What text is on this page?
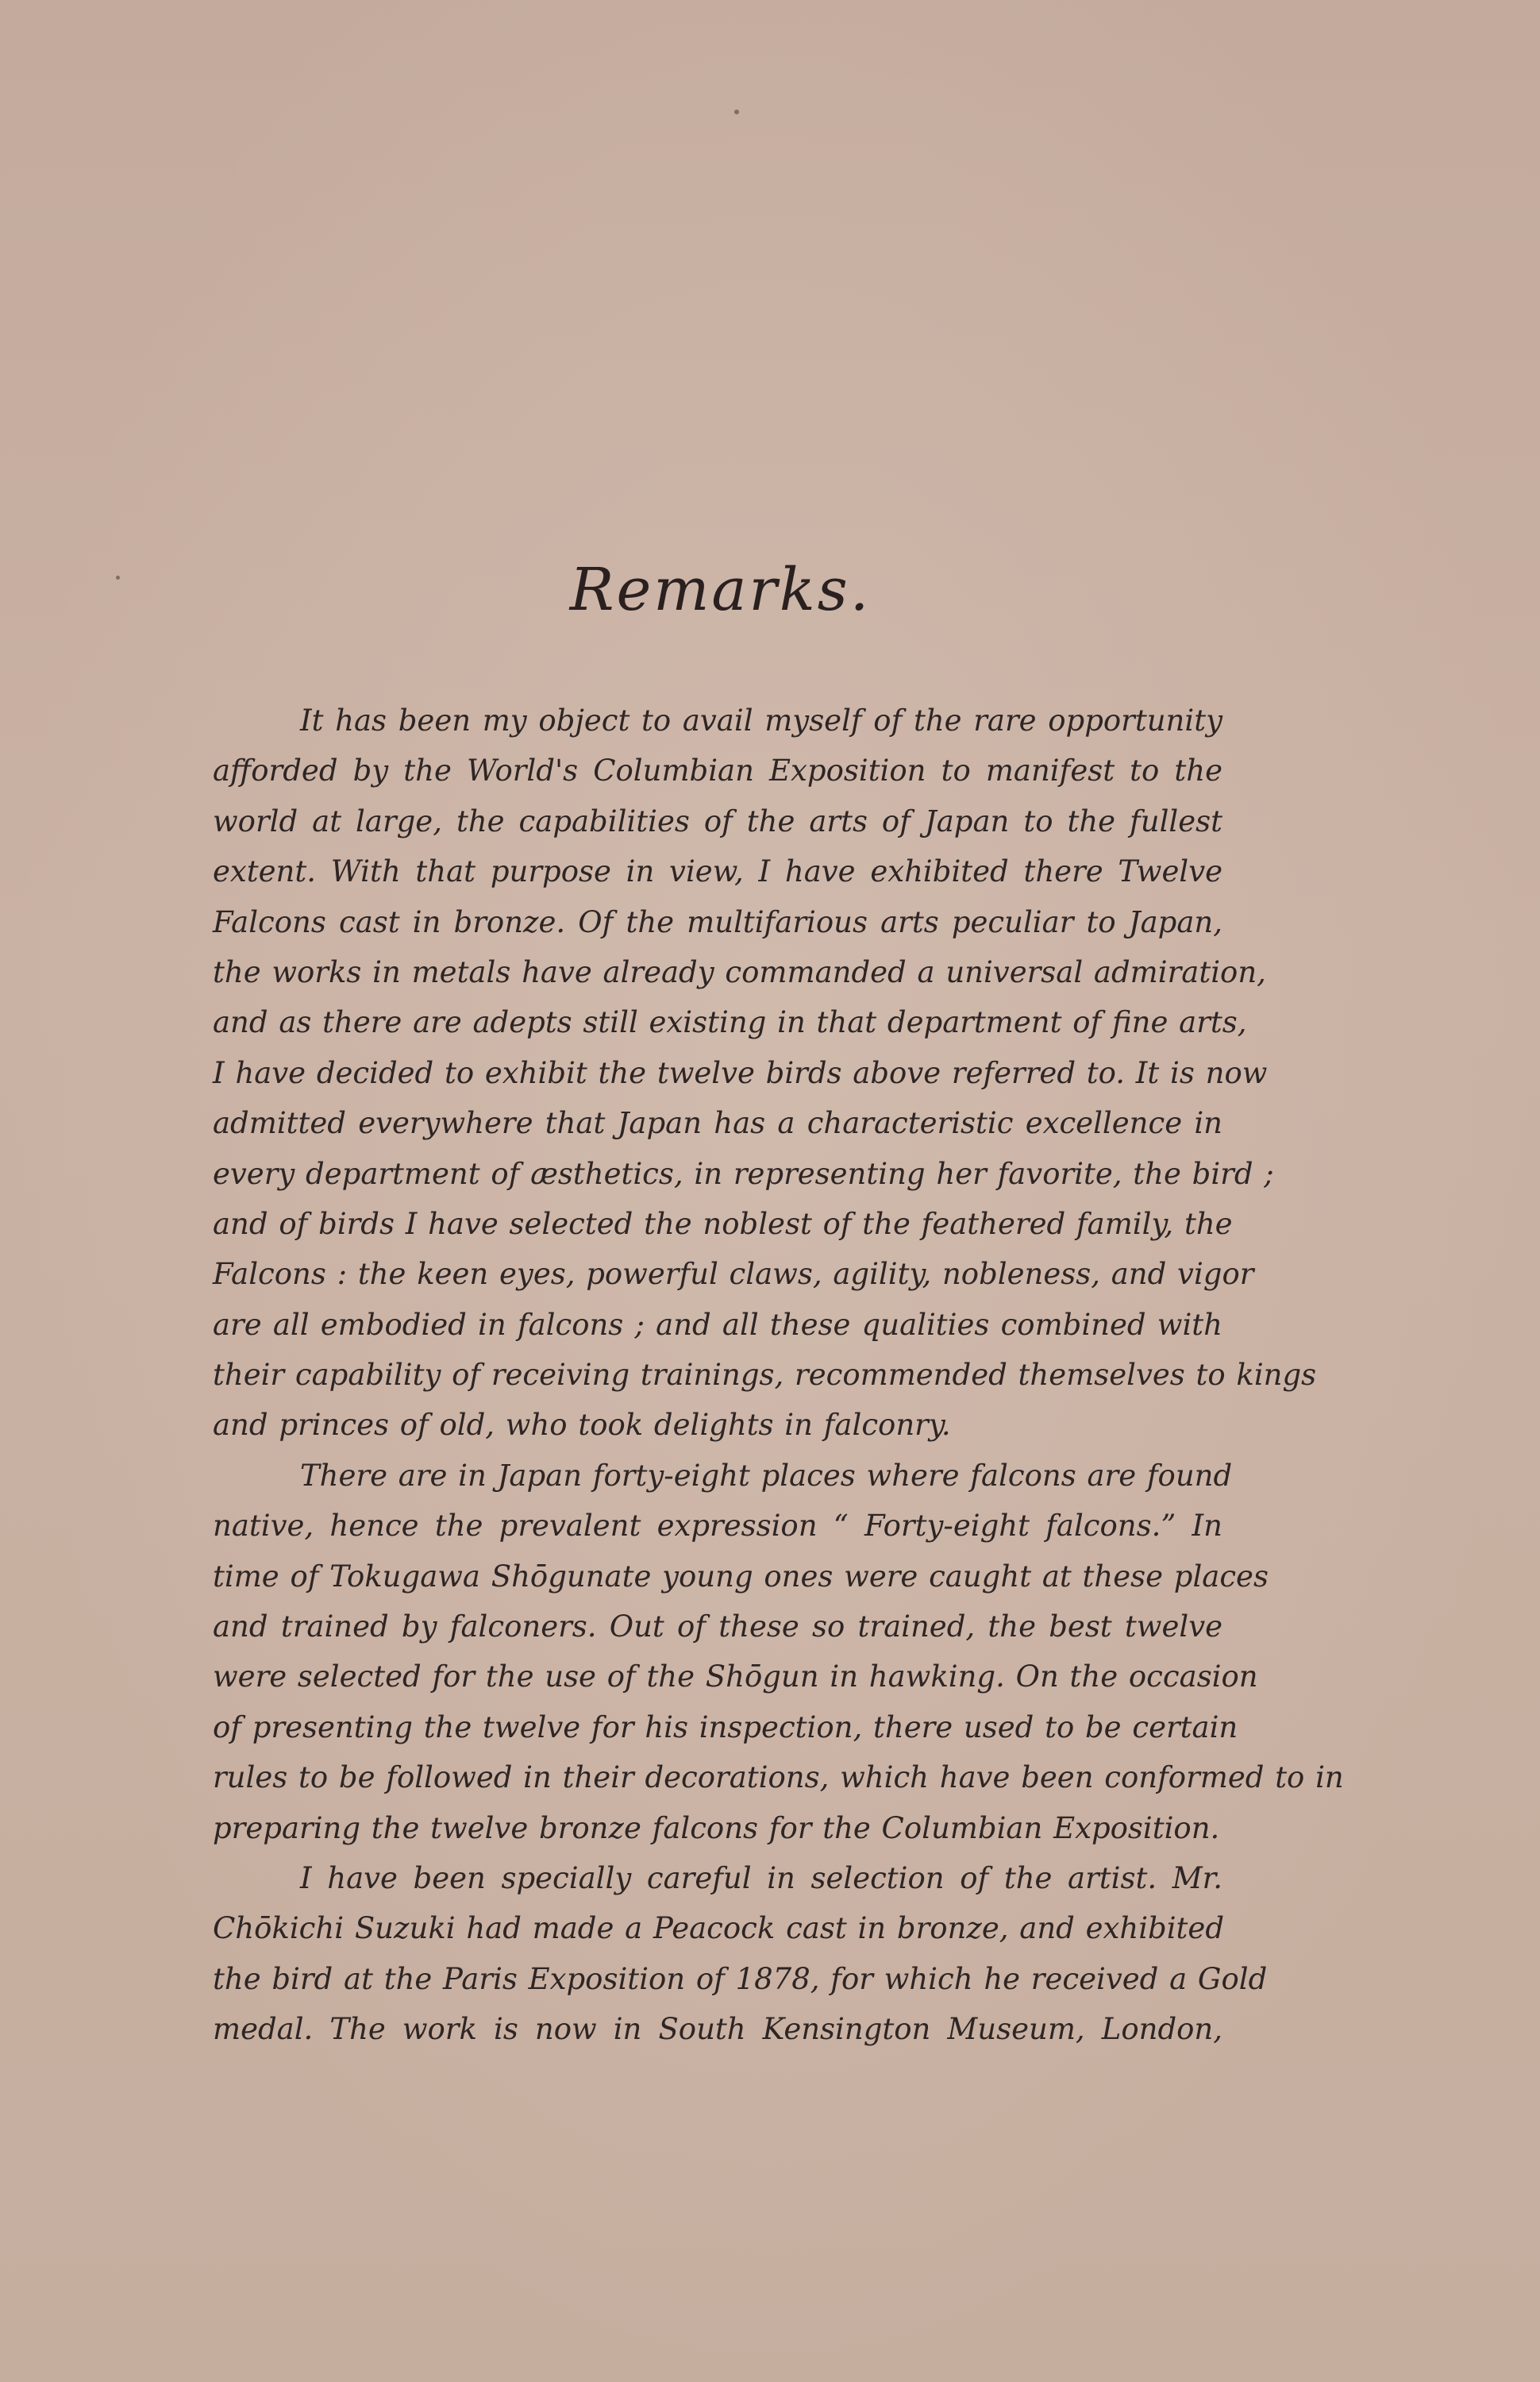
Remarks.
It has been my object to avail myself of the rare opportunity
afforded by the World's Columbian Exposition to manifest to the
world at large, the capabilities of the arts of Japan to the fullest
extent. With that purpose in view, I have exhibited there Twelve
Falcons cast in bronze. Of the multifarious arts peculiar to Japan,
the works in metals have already commanded a universal admiration,
and as there are adepts still existing in that department of fine arts,
I have decided to exhibit the twelve birds above referred to. It is now
admitted everywhere that Japan has a characteristic excellence in
every department of æsthetics, in representing her favorite, the bird ;
and of birds I have selected the noblest of the feathered family, the
Falcons : the keen eyes, powerful claws, agility, nobleness, and vigor
are all embodied in falcons ; and all these qualities combined with
their capability of receiving trainings, recommended themselves to kings
and princes of old, who took delights in falconry.
There are in Japan forty-eight places where falcons are found
native, hence the prevalent expression “ Forty-eight falcons.” In
time of Tokugawa Shōgunate young ones were caught at these places
and trained by falconers. Out of these so trained, the best twelve
were selected for the use of the Shōgun in hawking. On the occasion
of presenting the twelve for his inspection, there used to be certain
rules to be followed in their decorations, which have been conformed to in
preparing the twelve bronze falcons for the Columbian Exposition.
I have been specially careful in selection of the artist. Mr.
Chōkichi Suzuki had made a Peacock cast in bronze, and exhibited
the bird at the Paris Exposition of 1878, for which he received a Gold
medal. The work is now in South Kensington Museum, London,
